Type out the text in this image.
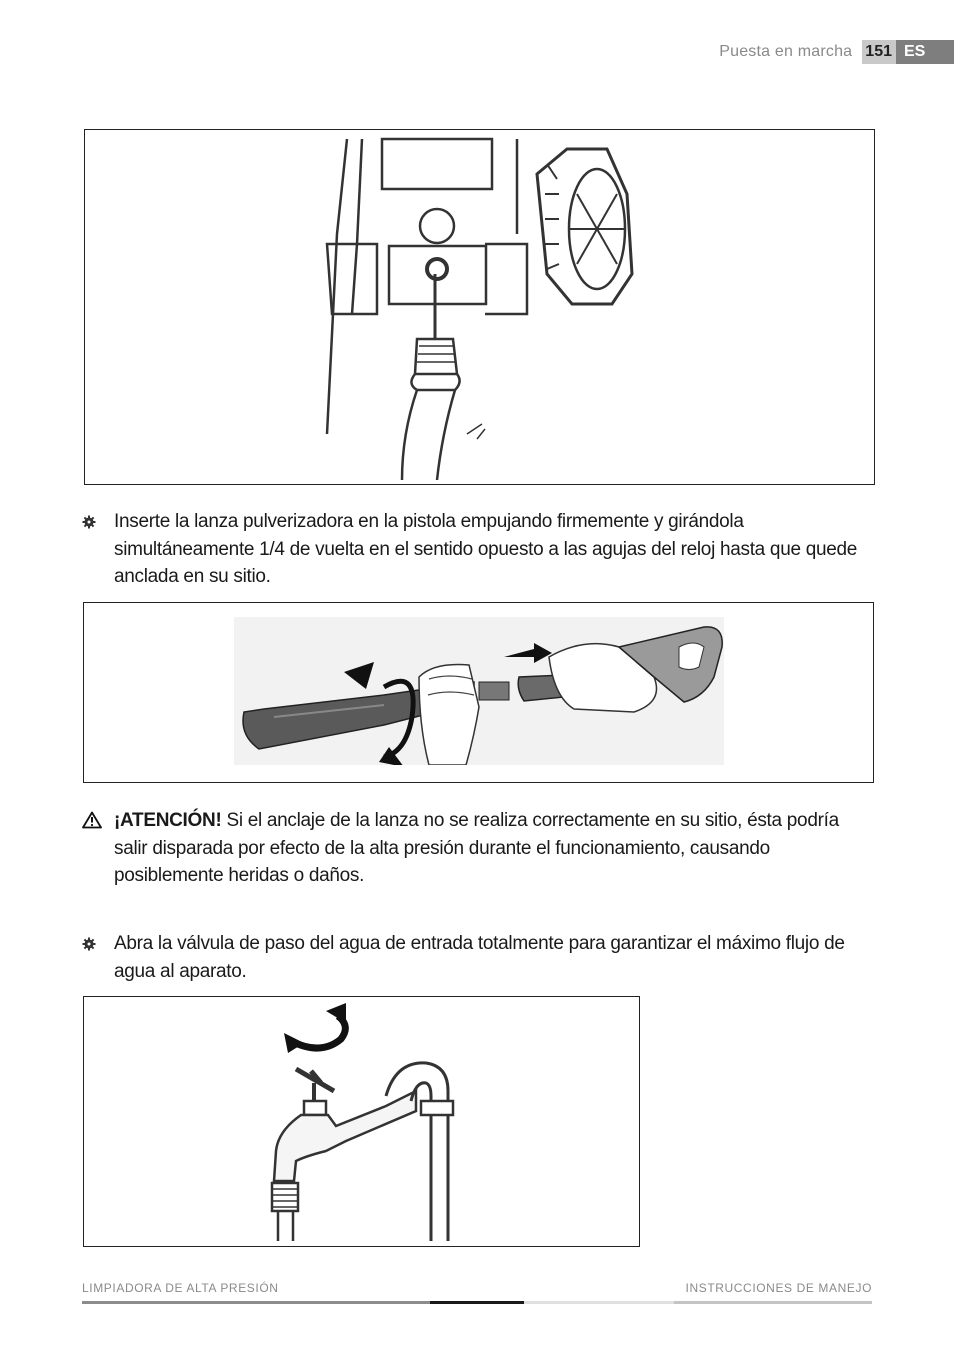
Puesta en marcha 151 ES

Inserte la lanza pulverizadora en la pistola empujando firmemente y girándola simultáneamente 1/4 de vuelta en el sentido opuesto a las agujas del reloj hasta que quede anclada en su sitio.

¡ATENCIÓN! Si el anclaje de la lanza no se realiza correctamente en su sitio, ésta podría salir disparada por efecto de la alta presión durante el funcionamiento, causando posiblemente heridas o daños.

Abra la válvula de paso del agua de entrada totalmente para garantizar el máximo flujo de agua al aparato.

LIMPIADORA DE ALTA PRESIÓN	INSTRUCCIONES DE MANEJO
